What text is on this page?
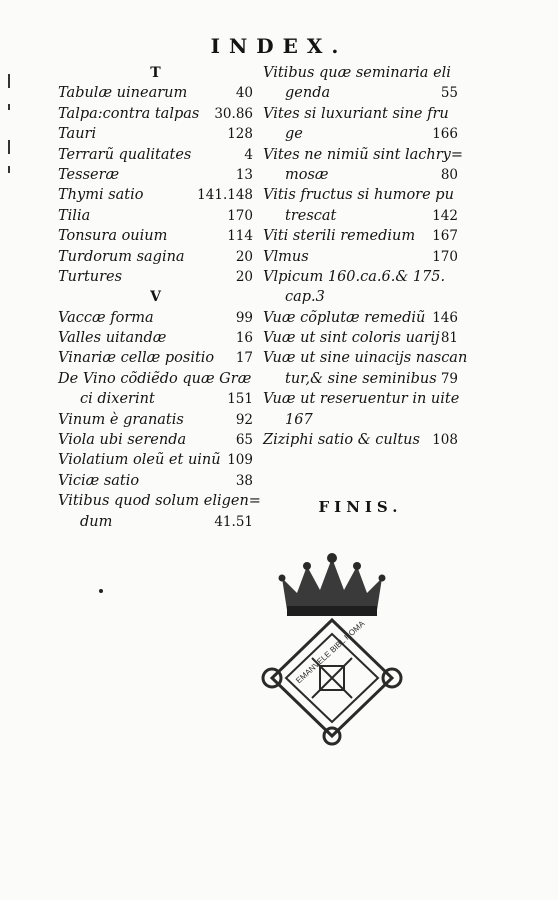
INDEX.
T
Tabulæ uinearum	40
Talpa:contra talpas 30.86
Tauri	128
Terrarũ qualitates	4
Tesseræ	13
Thymi satio	141.148
Tilia	170
Tonsura ouium	114
Turdorum sagina	20
Turtures	20
V
Vaccæ forma	99
Valles uitandæ	16
Vinariæ cellæ positio 17
De Vino cõdiẽdo quæ Græ
ci dixerint	151
Vinum è granatis	92
Viola ubi serenda	65
Violatium oleũ et uinũ 109
Viciæ satio	38
Vitibus quod solum eligen=
dum	41.51
Vitibus quæ seminaria eli
genda	55
Vites si luxuriant sine fru
ge	166
Vites ne nimiũ sint lachry=
mosæ	80
Vitis fructus si humore pu
trescat	142
Viti sterili remedium 167
Vlmus	170
Vlpicum 160.ca.6.& 175.
cap.3
Vuæ cõplutæ remediũ 146
Vuæ ut sint coloris uarij 81
Vuæ ut sine uinacijs nascan
tur,& sine seminibus 79
Vuæ ut reseruentur in uite
167
Ziziphi satio & cultus 108
FINIS.
EMANVELE BIBL ROMA
